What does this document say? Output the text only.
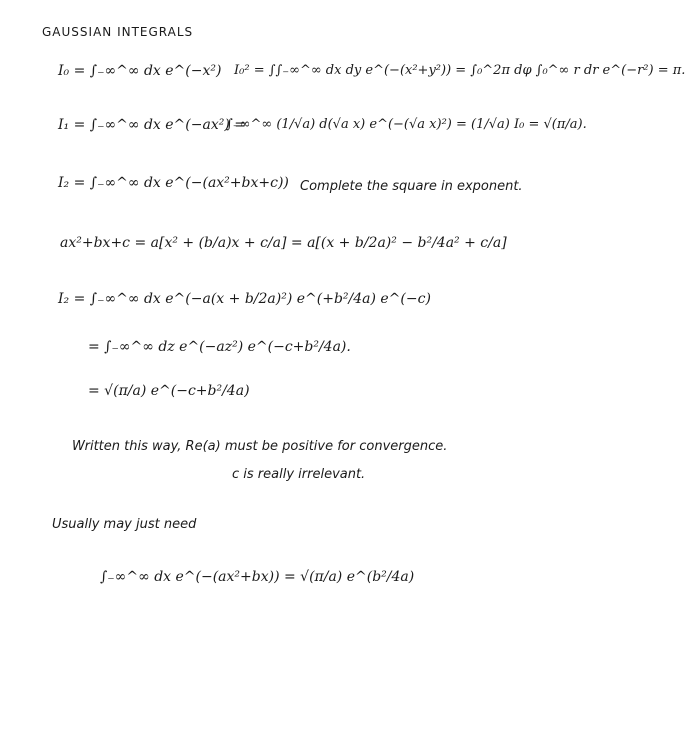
GAUSSIAN INTEGRALS
I₀ = ∫₋∞^∞ dx e^(−x²) I₀² = ∫∫₋∞^∞ dx dy e^(−(x²+y²)) = ∫₀^2π dφ ∫₀^∞ r dr e^(−r²) = π.
I₁ = ∫₋∞^∞ dx e^(−ax²) =
∫₋∞^∞ (1/√a) d(√a x) e^(−(√a x)²) = (1/√a) I₀ = √(π/a).
I₂ = ∫₋∞^∞ dx e^(−(ax²+bx+c)) Complete the square in exponent.
ax²+bx+c = a[x² + (b/a)x + c/a] = a[(x + b/2a)² − b²/4a² + c/a]
I₂ = ∫₋∞^∞ dx e^(−a(x + b/2a)²) e^(+b²/4a) e^(−c)
= ∫₋∞^∞ dz e^(−az²) e^(−c+b²/4a).
= √(π/a) e^(−c+b²/4a)
Written this way, Re(a) must be positive for convergence.
c is really irrelevant.
Usually may just need
∫₋∞^∞ dx e^(−(ax²+bx)) = √(π/a) e^(b²/4a)
